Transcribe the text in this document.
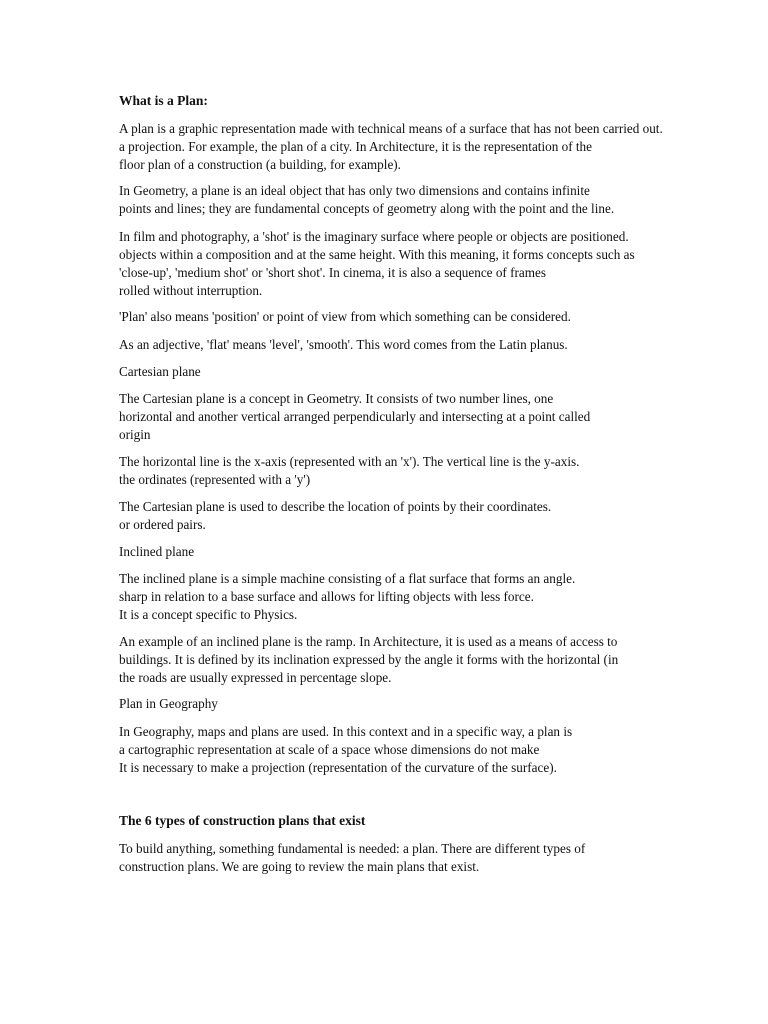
What is a Plan:

A plan is a graphic representation made with technical means of a surface that has not been carried out.
a projection. For example, the plan of a city. In Architecture, it is the representation of the
floor plan of a construction (a building, for example).

In Geometry, a plane is an ideal object that has only two dimensions and contains infinite
points and lines; they are fundamental concepts of geometry along with the point and the line.

In film and photography, a 'shot' is the imaginary surface where people or objects are positioned.
objects within a composition and at the same height. With this meaning, it forms concepts such as
'close-up', 'medium shot' or 'short shot'. In cinema, it is also a sequence of frames
rolled without interruption.

'Plan' also means 'position' or point of view from which something can be considered.

As an adjective, 'flat' means 'level', 'smooth'. This word comes from the Latin planus.

Cartesian plane

The Cartesian plane is a concept in Geometry. It consists of two number lines, one
horizontal and another vertical arranged perpendicularly and intersecting at a point called
origin

The horizontal line is the x-axis (represented with an 'x'). The vertical line is the y-axis.
the ordinates (represented with a 'y')

The Cartesian plane is used to describe the location of points by their coordinates.
or ordered pairs.

Inclined plane

The inclined plane is a simple machine consisting of a flat surface that forms an angle.
sharp in relation to a base surface and allows for lifting objects with less force.
It is a concept specific to Physics.

An example of an inclined plane is the ramp. In Architecture, it is used as a means of access to
buildings. It is defined by its inclination expressed by the angle it forms with the horizontal (in
the roads are usually expressed in percentage slope.

Plan in Geography

In Geography, maps and plans are used. In this context and in a specific way, a plan is
a cartographic representation at scale of a space whose dimensions do not make
It is necessary to make a projection (representation of the curvature of the surface).

The 6 types of construction plans that exist

To build anything, something fundamental is needed: a plan. There are different types of
construction plans. We are going to review the main plans that exist.
